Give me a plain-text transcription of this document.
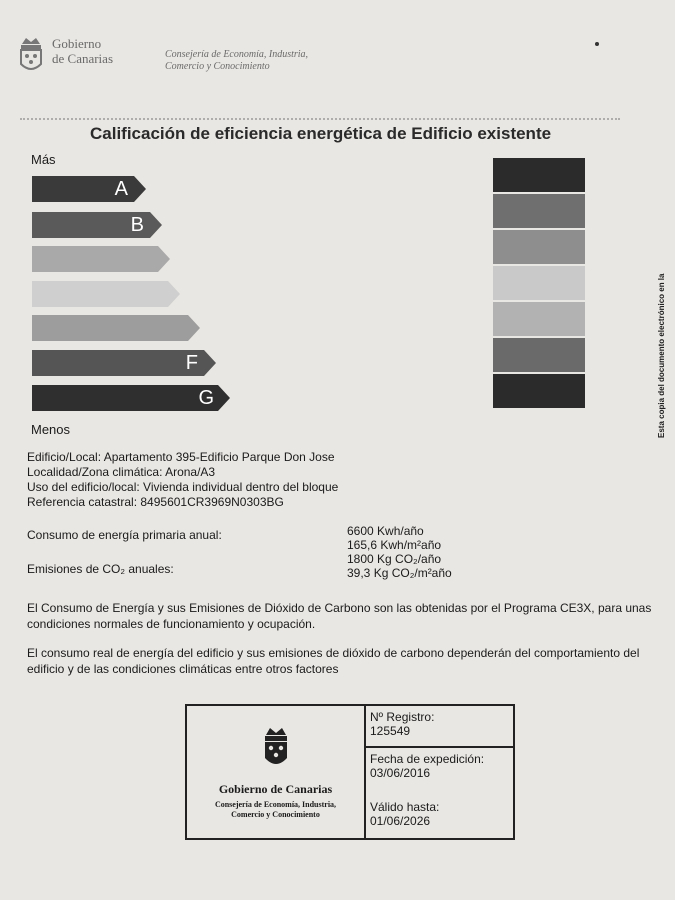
Gobierno
de Canarias	Consejería de Economía, Industria,
Comercio y Conocimiento
Calificación de eficiencia energética de Edificio existente
Más
Menos
A
B
F
G	Esta copia del documento electrónico en la
Edificio/Local: Apartamento 395-Edificio Parque Don Jose
Localidad/Zona climática: Arona/A3
Uso del edificio/local: Vivienda individual dentro del bloque
Referencia catastral: 8495601CR3969N0303BG
Consumo de energía primaria anual:
Emisiones de CO₂ anuales:
6600 Kwh/año
165,6 Kwh/m²año
1800 Kg CO₂/año
39,3 Kg CO₂/m²año
El Consumo de Energía y sus Emisiones de Dióxido de Carbono son las obtenidas por el Programa CE3X, para unas condiciones normales de funcionamiento y ocupación.
El consumo real de energía del edificio y sus emisiones de dióxido de carbono dependerán del comportamiento del edificio y de las condiciones climáticas entre otros factores
Gobierno de Canarias
Consejería de Economía, Industria,
Comercio y Conocimiento
Nº Registro:
125549
Fecha de expedición:
03/06/2016
Válido hasta:
01/06/2026
